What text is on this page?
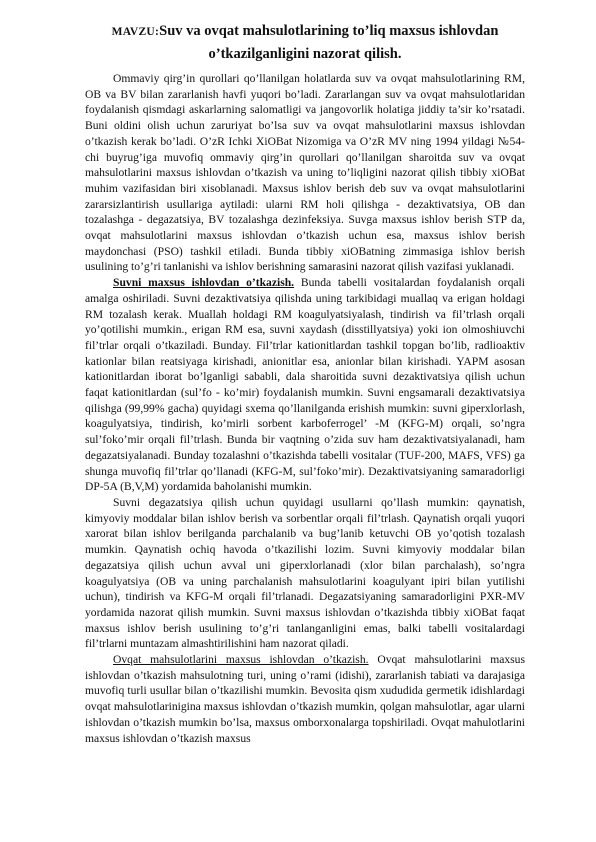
MAVZU:Suv va ovqat mahsulotlarining to’liq maxsus ishlovdan
o’tkazilganligini nazorat qilish.

Ommaviy qirg’in qurollari qo’llanilgan holatlarda suv va ovqat mahsulotlarining RM, OB va BV bilan zararlanish havfi yuqori bo’ladi. Zararlangan suv va ovqat mahsulotlaridan foydalanish qismdagi askarlarning salomatligi va jangovorlik holatiga jiddiy ta’sir ko’rsatadi. Buni oldini olish uchun zaruriyat bo’lsa suv va ovqat mahsulotlarini maxsus ishlovdan o’tkazish kerak bo’ladi. O’zR Ichki XiOBat Nizomiga va O’zR MV ning 1994 yildagi №54-chi buyrug’iga muvofiq ommaviy qirg’in qurollari qo’llanilgan sharoitda suv va ovqat mahsulotlarini maxsus ishlovdan o’tkazish va uning to’liqligini nazorat qilish tibbiy xiOBat muhim vazifasidan biri xisoblanadi. Maxsus ishlov berish deb suv va ovqat mahsulotlarini zararsizlantirish usullariga aytiladi: ularni RM holi qilishga - dezaktivatsiya, OB dan tozalashga - degazatsiya, BV tozalashga dezinfeksiya. Suvga maxsus ishlov berish STP da, ovqat mahsulotlarini maxsus ishlovdan o’tkazish uchun esa, maxsus ishlov berish maydonchasi (PSO) tashkil etiladi. Bunda tibbiy xiOBatning zimmasiga ishlov berish usulining to’g’ri tanlanishi va ishlov berishning samarasini nazorat qilish vazifasi yuklanadi.

Suvni maxsus ishlovdan o’tkazish. Bunda tabelli vositalardan foydalanish orqali amalga oshiriladi. Suvni dezaktivatsiya qilishda uning tarkibidagi muallaq va erigan holdagi RM tozalash kerak. Muallah holdagi RM koagulyatsiyalash, tindirish va fil’trlash orqali yo’qotilishi mumkin., erigan RM esa, suvni xaydash (disstillyatsiya) yoki ion olmoshiuvchi fil’trlar orqali o’tkaziladi. Bunday. Fil’trlar kationitlardan tashkil topgan bo’lib, radlioaktiv kationlar bilan reatsiyaga kirishadi, anionitlar esa, anionlar bilan kirishadi. YAPM asosan kationitlardan iborat bo’lganligi sababli, dala sharoitida suvni dezaktivatsiya qilish uchun faqat kationitlardan (sul’fo - ko’mir) foydalanish mumkin. Suvni engsamarali dezaktivatsiya qilishga (99,99% gacha) quyidagi sxema qo’llanilganda erishish mumkin: suvni giperxlorlash, koagulyatsiya, tindirish, ko’mirli sorbent karboferrogel’ -M (KFG-M) orqali, so’ngra sul’foko’mir orqali fil’trlash. Bunda bir vaqtning o’zida suv ham dezaktivatsiyalanadi, ham degazatsiyalanadi. Bunday tozalashni o’tkazishda tabelli vositalar (TUF-200, MAFS, VFS) ga shunga muvofiq fil’trlar qo’llanadi (KFG-M, sul’foko’mir). Dezaktivatsiyaning samaradorligi DP-5A (B,V,M) yordamida baholanishi mumkin.

Suvni degazatsiya qilish uchun quyidagi usullarni qo’llash mumkin: qaynatish, kimyoviy moddalar bilan ishlov berish va sorbentlar orqali fil’trlash. Qaynatish orqali yuqori xarorat bilan ishlov berilganda parchalanib va bug’lanib ketuvchi OB yo’qotish tozalash mumkin. Qaynatish ochiq havoda o’tkazilishi lozim. Suvni kimyoviy moddalar bilan degazatsiya qilish uchun avval uni giperxlorlanadi (xlor bilan parchalash), so’ngra koagulyatsiya (OB va uning parchalanish mahsulotlarini koagulyant ipiri bilan yutilishi uchun), tindirish va KFG-M orqali fil’trlanadi. Degazatsiyaning samaradorligini PXR-MV yordamida nazorat qilish mumkin. Suvni maxsus ishlovdan o’tkazishda tibbiy xiOBat faqat maxsus ishlov berish usulining to’g’ri tanlanganligini emas, balki tabelli vositalardagi fil’trlarni muntazam almashtirilishini ham nazorat qiladi.

Ovqat mahsulotlarini maxsus ishlovdan o’tkazish. Ovqat mahsulotlarini maxsus ishlovdan o’tkazish mahsulotning turi, uning o’rami (idishi), zararlanish tabiati va darajasiga muvofiq turli usullar bilan o’tkazilishi mumkin. Bevosita qism xududida germetik idishlardagi ovqat mahsulotlarinigina maxsus ishlovdan o’tkazish mumkin, qolgan mahsulotlar, agar ularni ishlovdan o’tkazish mumkin bo’lsa, maxsus omborxonalarga topshiriladi. Ovqat mahulotlarini maxsus ishlovdan o’tkazish maxsus
